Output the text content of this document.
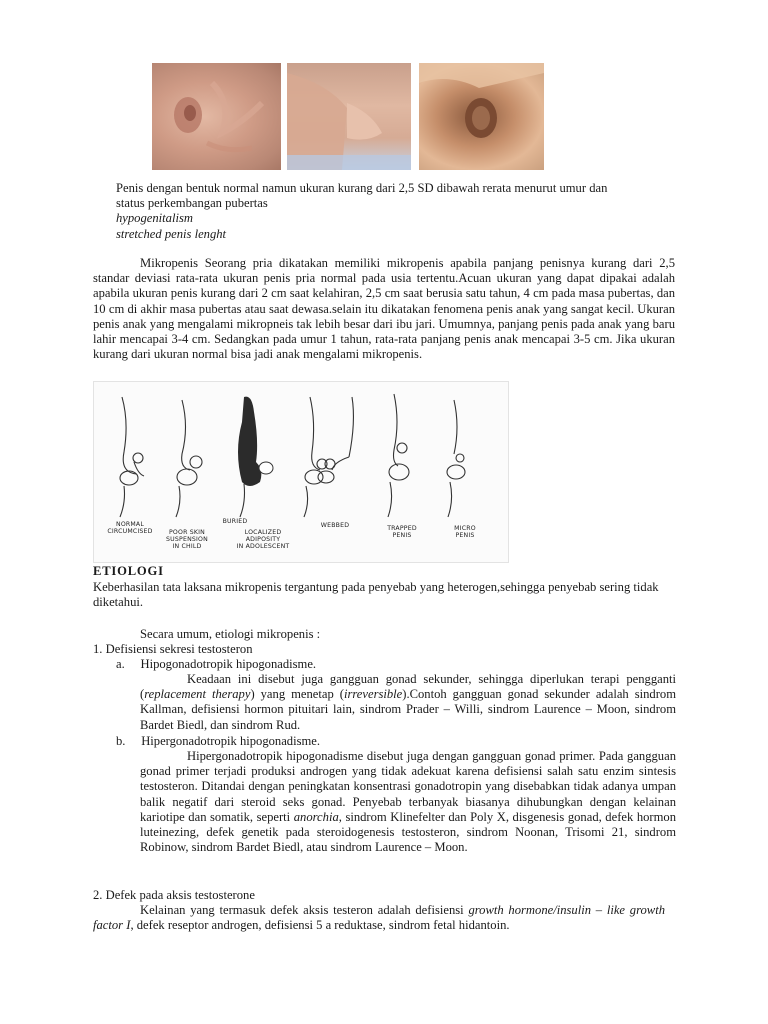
Penis dengan bentuk normal namun ukuran kurang dari 2,5 SD dibawah rerata menurut umur dan
status perkembangan pubertas
hypogenitalism
stretched penis lenght
Mikropenis Seorang pria dikatakan memiliki mikropenis apabila panjang penisnya kurang dari 2,5 standar deviasi rata-rata ukuran penis pria normal pada usia tertentu.Acuan ukuran yang dapat dipakai adalah apabila ukuran penis kurang dari 2 cm saat kelahiran, 2,5 cm saat berusia satu tahun, 4 cm pada masa pubertas, dan 10 cm di akhir masa pubertas atau saat dewasa.selain itu dikatakan fenomena penis anak yang sangat kecil. Ukuran penis anak yang mengalami mikropneis tak lebih besar dari ibu jari. Umumnya, panjang penis pada anak yang baru lahir mencapai 3-4 cm. Sedangkan pada umur 1 tahun, rata-rata panjang penis anak mencapai 3-5 cm. Jika ukuran kurang dari ukuran normal bisa jadi anak mengalami mikropenis.
NORMAL
CIRCUMCISED	POOR SKIN
SUSPENSION
IN CHILD
BURIED
LOCALIZED
ADIPOSITY
IN ADOLESCENT
WEBBED	TRAPPED
PENIS
MICRO
PENIS
ETIOLOGI
Keberhasilan tata laksana mikropenis tergantung pada penyebab yang heterogen,sehingga penyebab sering tidak diketahui.
Secara umum, etiologi mikropenis :
1. Defisiensi sekresi testosteron
a.     Hipogonadotropik hipogonadisme.
Keadaan ini disebut juga gangguan gonad sekunder, sehingga diperlukan terapi pengganti (replacement therapy) yang menetap (irreversible).Contoh gangguan gonad sekunder adalah sindrom Kallman, defisiensi hormon pituitari lain, sindrom Prader – Willi, sindrom Laurence – Moon, sindrom Bardet Biedl, dan sindrom Rud.
b.     Hipergonadotropik hipogonadisme.
Hipergonadotropik hipogonadisme disebut juga dengan gangguan gonad primer. Pada gangguan gonad primer terjadi produksi androgen yang tidak adekuat karena defisiensi salah satu enzim sintesis testosteron. Ditandai dengan peningkatan konsentrasi gonadotropin yang disebabkan tidak adanya umpan balik negatif dari steroid seks gonad. Penyebab terbanyak biasanya dihubungkan dengan kelainan kariotipe dan somatik, seperti anorchia, sindrom Klinefelter dan Poly X, disgenesis gonad, defek hormon luteinezing, defek genetik pada steroidogenesis testosteron, sindrom Noonan, Trisomi 21, sindrom Robinow, sindrom Bardet Biedl, atau sindrom Laurence – Moon.
2. Defek pada aksis testosterone
Kelainan yang termasuk defek aksis testeron adalah defisiensi growth hormone/insulin – like growth factor I, defek reseptor androgen, defisiensi 5 a reduktase, sindrom fetal hidantoin.
